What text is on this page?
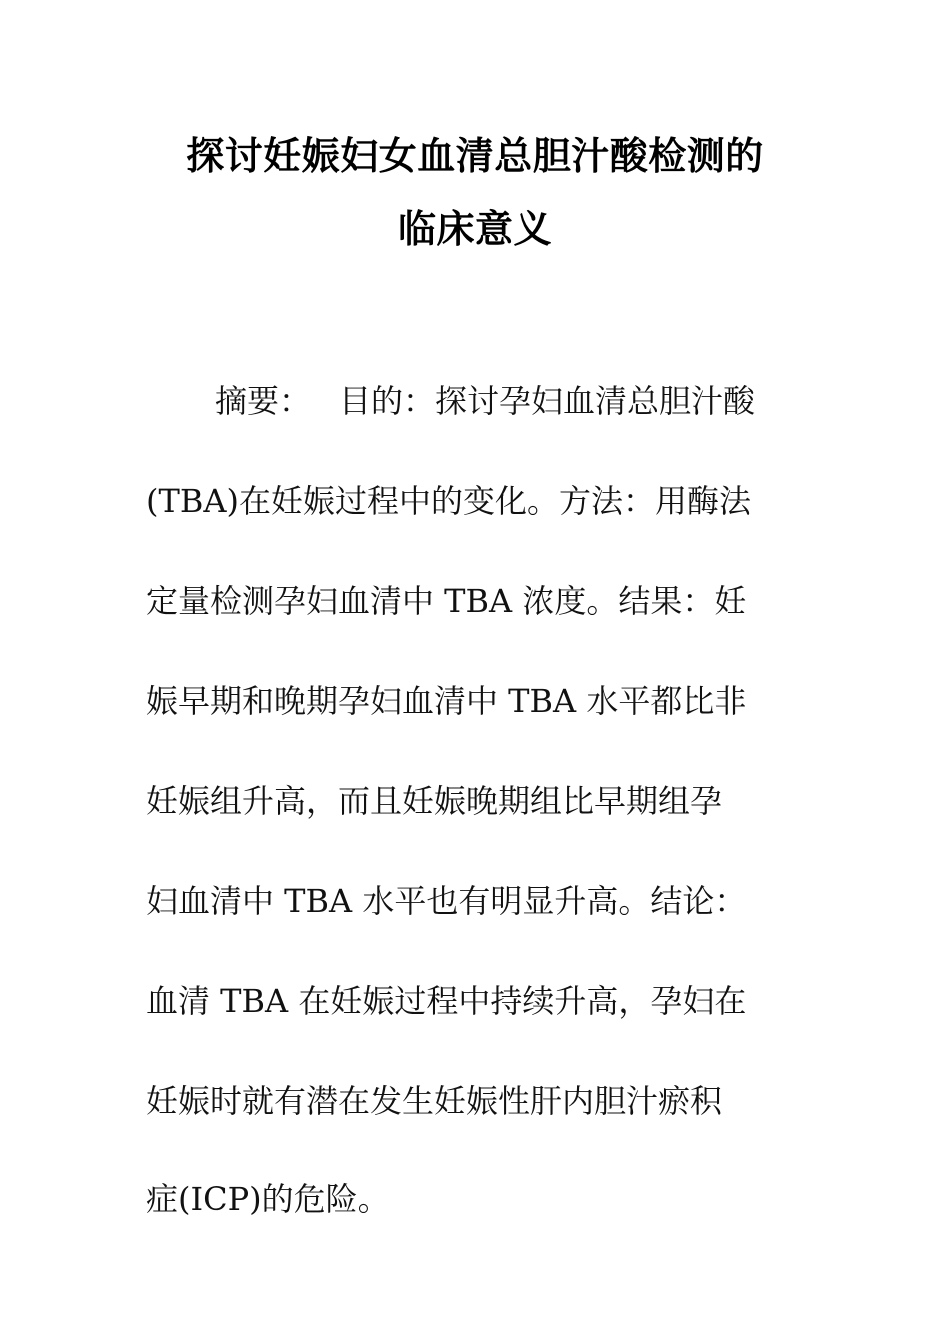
探讨妊娠妇女血清总胆汁酸检测的
临床意义
摘要： 目的：探讨孕妇血清总胆汁酸
(TBA)在妊娠过程中的变化。方法：用酶法
定量检测孕妇血清中 TBA 浓度。结果：妊
娠早期和晚期孕妇血清中 TBA 水平都比非
妊娠组升高，而且妊娠晚期组比早期组孕
妇血清中 TBA 水平也有明显升高。结论：
血清 TBA 在妊娠过程中持续升高，孕妇在
妊娠时就有潜在发生妊娠性肝内胆汁瘀积
症(ICP)的危险。
